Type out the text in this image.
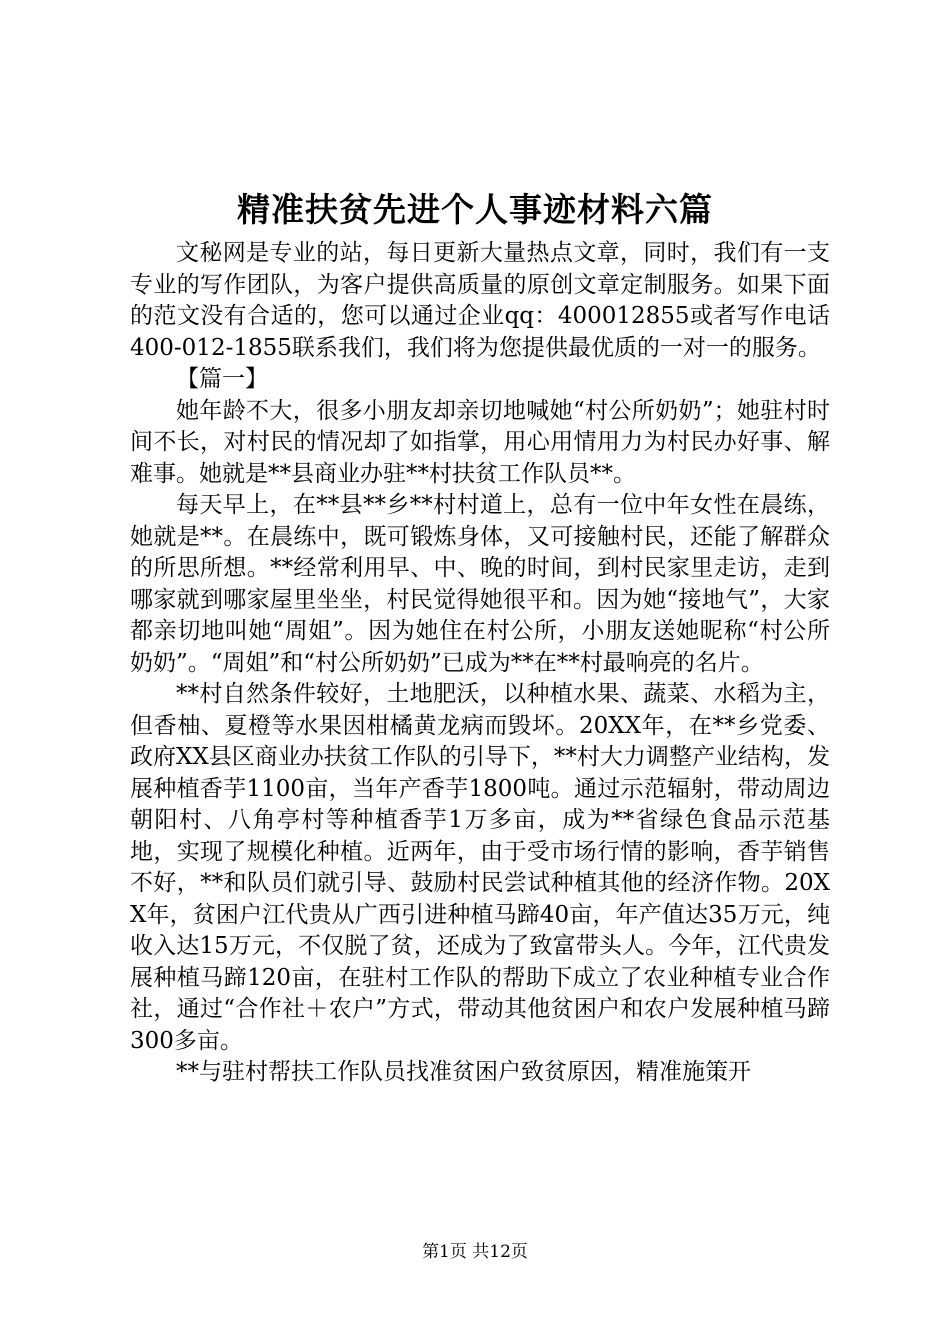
精准扶贫先进个人事迹材料六篇

文秘网是专业的站，每日更新大量热点文章，同时，我们有一支专业的写作团队，为客户提供高质量的原创文章定制服务。如果下面的范文没有合适的，您可以通过企业qq：400012855或者写作电话400-012-1855联系我们，我们将为您提供最优质的一对一的服务。

【篇一】

她年龄不大，很多小朋友却亲切地喊她“村公所奶奶”；她驻村时间不长，对村民的情况却了如指掌，用心用情用力为村民办好事、解难事。她就是**县商业办驻**村扶贫工作队员**。

每天早上，在**县**乡**村村道上，总有一位中年女性在晨练，她就是**。在晨练中，既可锻炼身体，又可接触村民，还能了解群众的所思所想。**经常利用早、中、晚的时间，到村民家里走访，走到哪家就到哪家屋里坐坐，村民觉得她很平和。因为她“接地气”，大家都亲切地叫她“周姐”。因为她住在村公所，小朋友送她昵称“村公所奶奶”。“周姐”和“村公所奶奶”已成为**在**村最响亮的名片。

**村自然条件较好，土地肥沃，以种植水果、蔬菜、水稻为主，但香柚、夏橙等水果因柑橘黄龙病而毁坏。20XX年，在**乡党委、政府XX县区商业办扶贫工作队的引导下，**村大力调整产业结构，发展种植香芋1100亩，当年产香芋1800吨。通过示范辐射，带动周边朝阳村、八角亭村等种植香芋1万多亩，成为**省绿色食品示范基地，实现了规模化种植。近两年，由于受市场行情的影响，香芋销售不好，**和队员们就引导、鼓励村民尝试种植其他的经济作物。20XX年，贫困户江代贵从广西引进种植马蹄40亩，年产值达35万元，纯收入达15万元，不仅脱了贫，还成为了致富带头人。今年，江代贵发展种植马蹄120亩，在驻村工作队的帮助下成立了农业种植专业合作社，通过“合作社＋农户”方式，带动其他贫困户和农户发展种植马蹄300多亩。

**与驻村帮扶工作队员找准贫困户致贫原因，精准施策开

第1页 共12页
